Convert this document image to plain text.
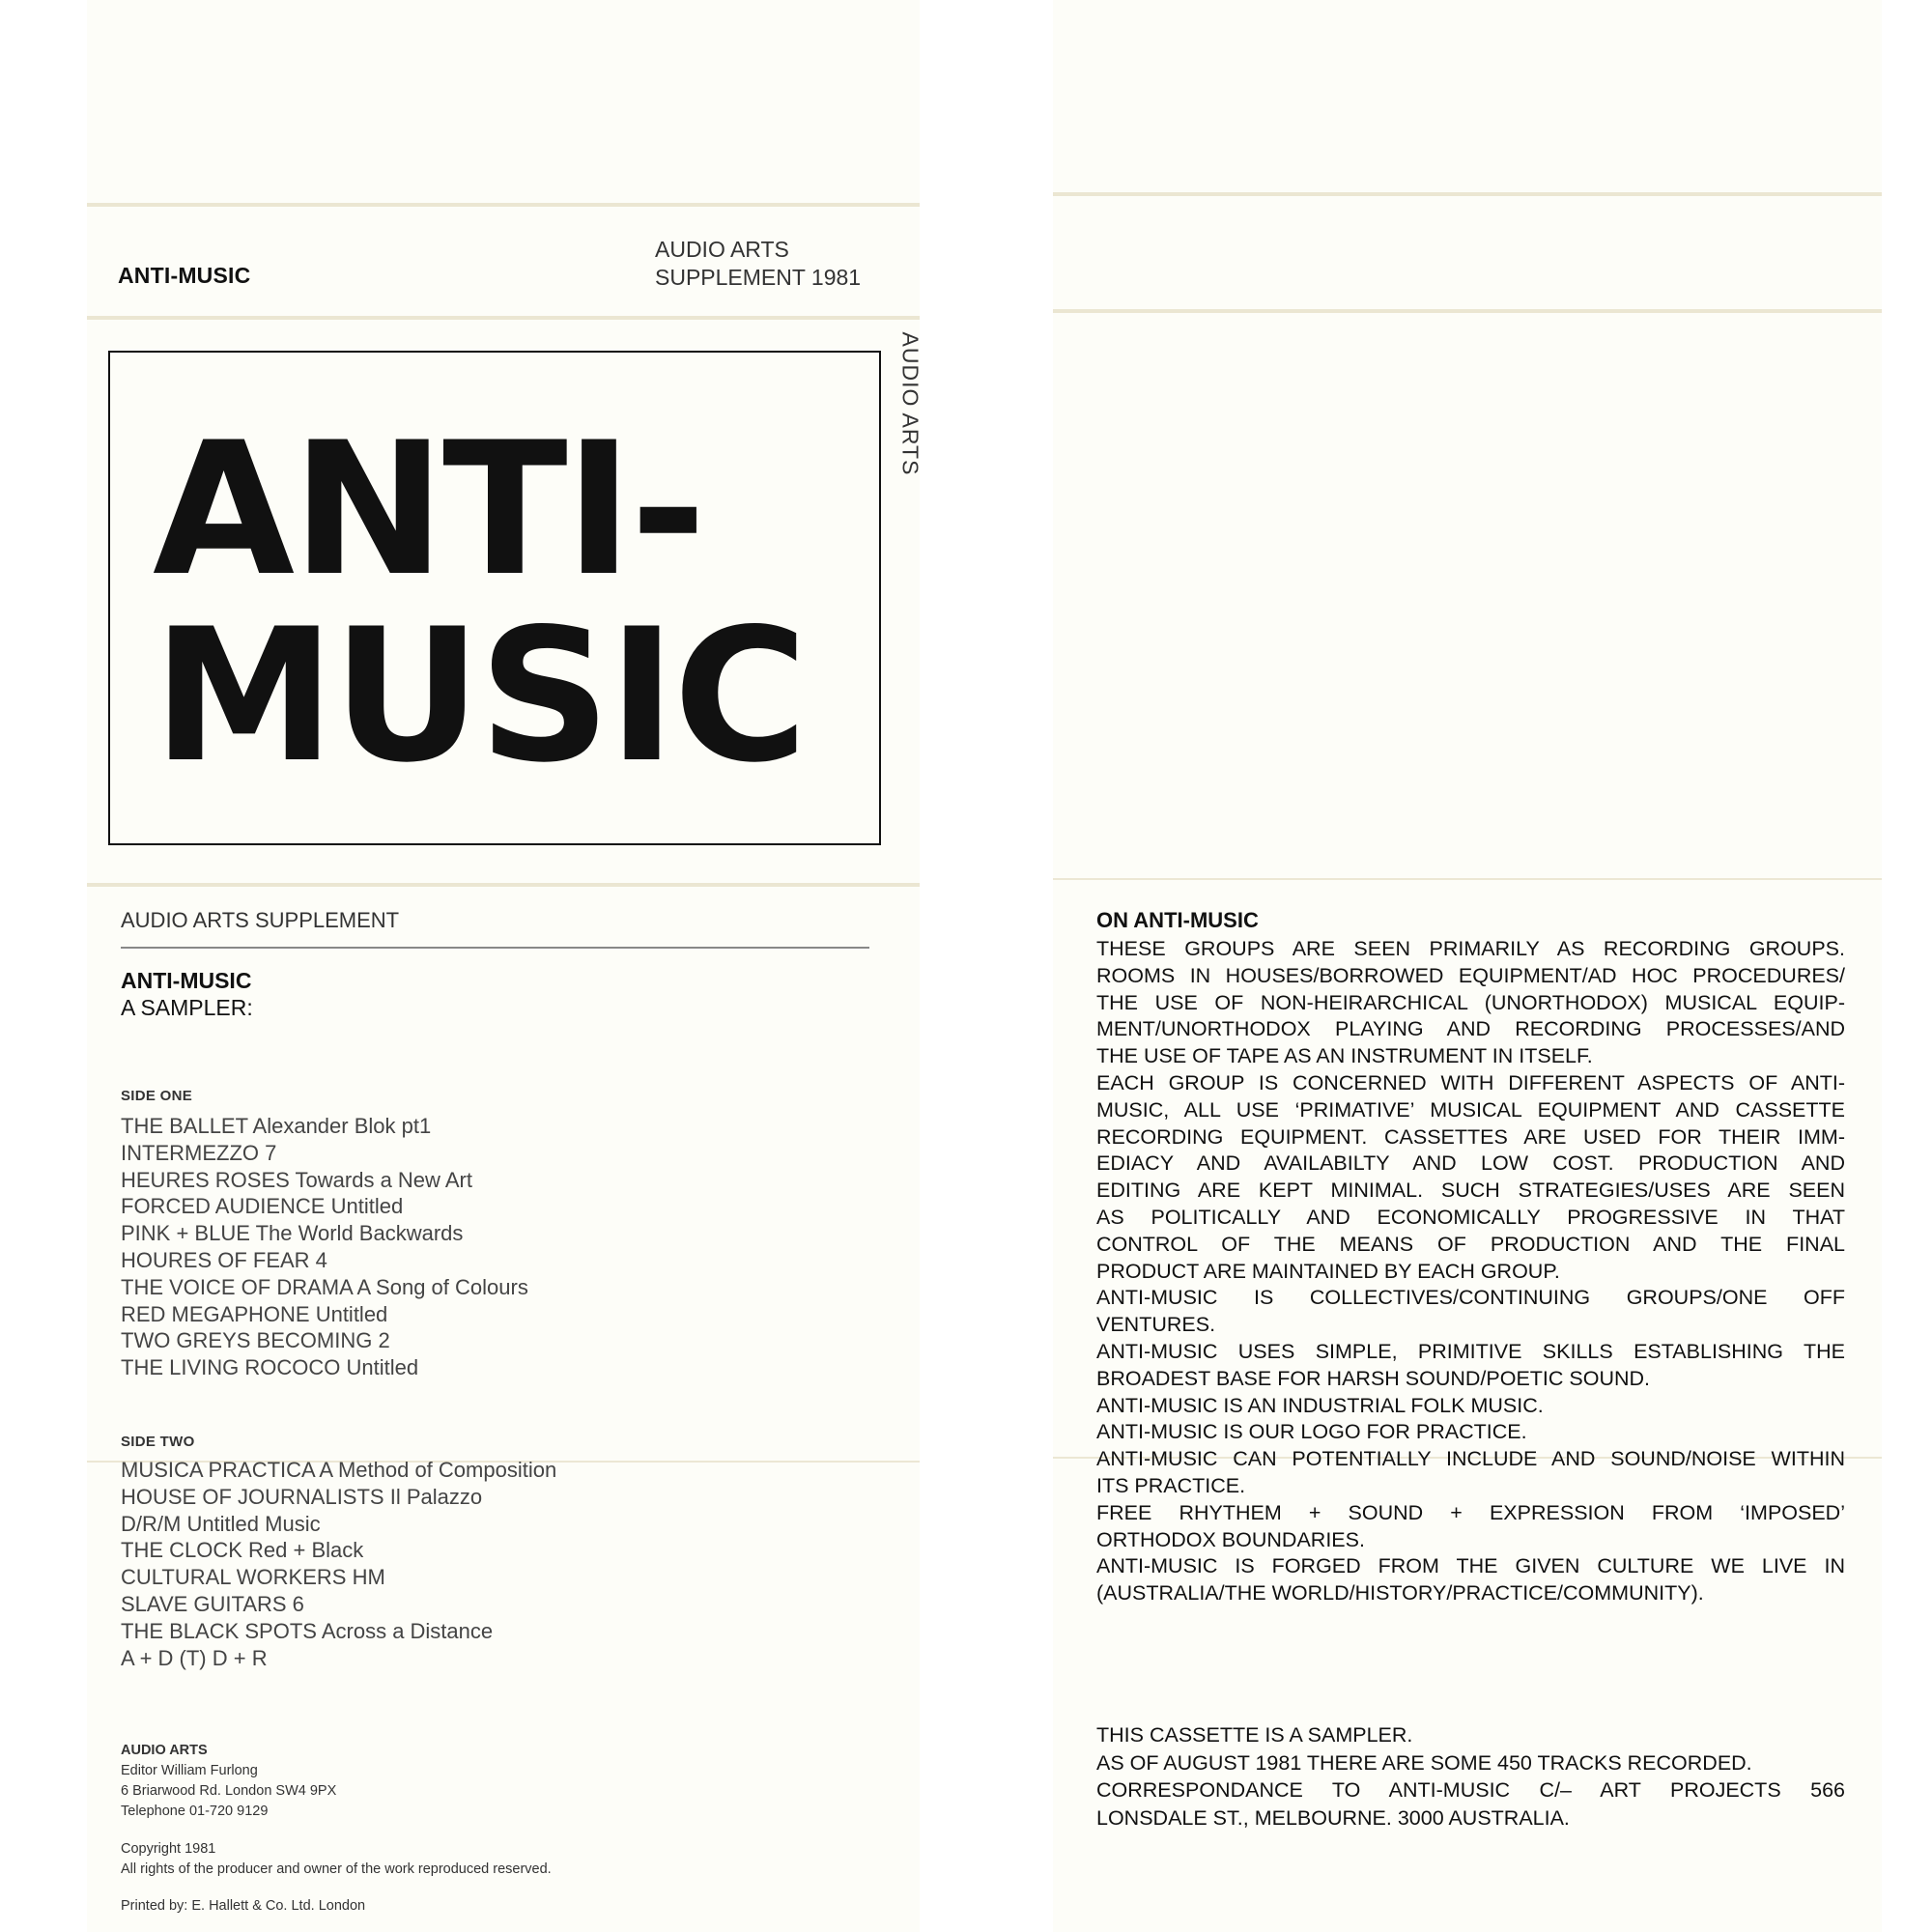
ANTI-MUSIC
AUDIO ARTS
SUPPLEMENT 1981
ANTI-
MUSIC
AUDIO ARTS
AUDIO ARTS SUPPLEMENT
ANTI-MUSIC
A SAMPLER:
SIDE ONE
THE BALLET Alexander Blok pt1
INTERMEZZO 7
HEURES ROSES Towards a New Art
FORCED AUDIENCE Untitled
PINK + BLUE The World Backwards
HOURES OF FEAR 4
THE VOICE OF DRAMA A Song of Colours
RED MEGAPHONE Untitled
TWO GREYS BECOMING 2
THE LIVING ROCOCO Untitled
SIDE TWO
MUSICA PRACTICA A Method of Composition
HOUSE OF JOURNALISTS Il Palazzo
D/R/M Untitled Music
THE CLOCK Red + Black
CULTURAL WORKERS HM
SLAVE GUITARS 6
THE BLACK SPOTS Across a Distance
A + D (T) D + R
AUDIO ARTS
Editor William Furlong
6 Briarwood Rd. London SW4 9PX
Telephone 01-720 9129
Copyright 1981
All rights of the producer and owner of the work reproduced reserved.
Printed by: E. Hallett & Co. Ltd. London
ON ANTI-MUSIC
THESE GROUPS ARE SEEN PRIMARILY AS RECORDING GROUPS.
ROOMS IN HOUSES/BORROWED EQUIPMENT/AD HOC PROCEDURES/
THE USE OF NON-HEIRARCHICAL (UNORTHODOX) MUSICAL EQUIP-
MENT/UNORTHODOX PLAYING AND RECORDING PROCESSES/AND
THE USE OF TAPE AS AN INSTRUMENT IN ITSELF.
EACH GROUP IS CONCERNED WITH DIFFERENT ASPECTS OF ANTI-
MUSIC, ALL USE ‘PRIMATIVE’ MUSICAL EQUIPMENT AND CASSETTE
RECORDING EQUIPMENT. CASSETTES ARE USED FOR THEIR IMM-
EDIACY AND AVAILABILTY AND LOW COST. PRODUCTION AND
EDITING ARE KEPT MINIMAL. SUCH STRATEGIES/USES ARE SEEN
AS POLITICALLY AND ECONOMICALLY PROGRESSIVE IN THAT
CONTROL OF THE MEANS OF PRODUCTION AND THE FINAL
PRODUCT ARE MAINTAINED BY EACH GROUP.
ANTI-MUSIC IS COLLECTIVES/CONTINUING GROUPS/ONE OFF
VENTURES.
ANTI-MUSIC USES SIMPLE, PRIMITIVE SKILLS ESTABLISHING THE
BROADEST BASE FOR HARSH SOUND/POETIC SOUND.
ANTI-MUSIC IS AN INDUSTRIAL FOLK MUSIC.
ANTI-MUSIC IS OUR LOGO FOR PRACTICE.
ANTI-MUSIC CAN POTENTIALLY INCLUDE AND SOUND/NOISE WITHIN
ITS PRACTICE.
FREE RHYTHEM + SOUND + EXPRESSION FROM ‘IMPOSED’
ORTHODOX BOUNDARIES.
ANTI-MUSIC IS FORGED FROM THE GIVEN CULTURE WE LIVE IN
(AUSTRALIA/THE WORLD/HISTORY/PRACTICE/COMMUNITY).
THIS CASSETTE IS A SAMPLER.
AS OF AUGUST 1981 THERE ARE SOME 450 TRACKS RECORDED.
CORRESPONDANCE TO ANTI-MUSIC C/– ART PROJECTS 566
LONSDALE ST., MELBOURNE. 3000 AUSTRALIA.
